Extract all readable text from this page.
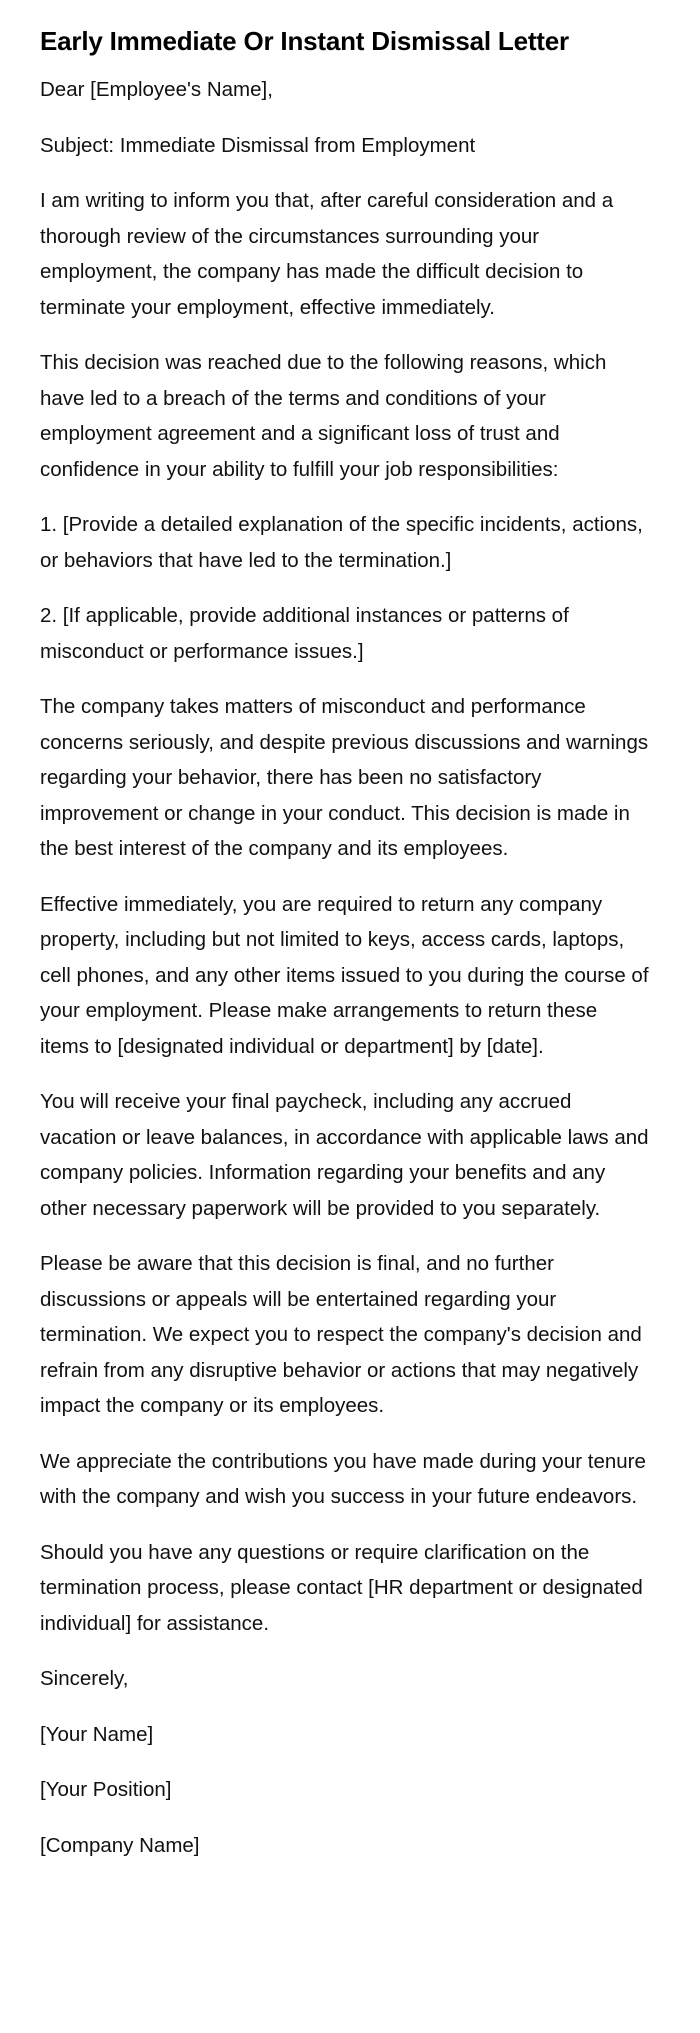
Early Immediate Or Instant Dismissal Letter

Dear [Employee's Name],

Subject: Immediate Dismissal from Employment

I am writing to inform you that, after careful consideration and a thorough review of the circumstances surrounding your employment, the company has made the difficult decision to terminate your employment, effective immediately.

This decision was reached due to the following reasons, which have led to a breach of the terms and conditions of your employment agreement and a significant loss of trust and confidence in your ability to fulfill your job responsibilities:

1. [Provide a detailed explanation of the specific incidents, actions, or behaviors that have led to the termination.]

2. [If applicable, provide additional instances or patterns of misconduct or performance issues.]

The company takes matters of misconduct and performance concerns seriously, and despite previous discussions and warnings regarding your behavior, there has been no satisfactory improvement or change in your conduct. This decision is made in the best interest of the company and its employees.

Effective immediately, you are required to return any company property, including but not limited to keys, access cards, laptops, cell phones, and any other items issued to you during the course of your employment. Please make arrangements to return these items to [designated individual or department] by [date].

You will receive your final paycheck, including any accrued vacation or leave balances, in accordance with applicable laws and company policies. Information regarding your benefits and any other necessary paperwork will be provided to you separately.

Please be aware that this decision is final, and no further discussions or appeals will be entertained regarding your termination. We expect you to respect the company's decision and refrain from any disruptive behavior or actions that may negatively impact the company or its employees.

We appreciate the contributions you have made during your tenure with the company and wish you success in your future endeavors.

Should you have any questions or require clarification on the termination process, please contact [HR department or designated individual] for assistance.

Sincerely,

[Your Name]

[Your Position]

[Company Name]
